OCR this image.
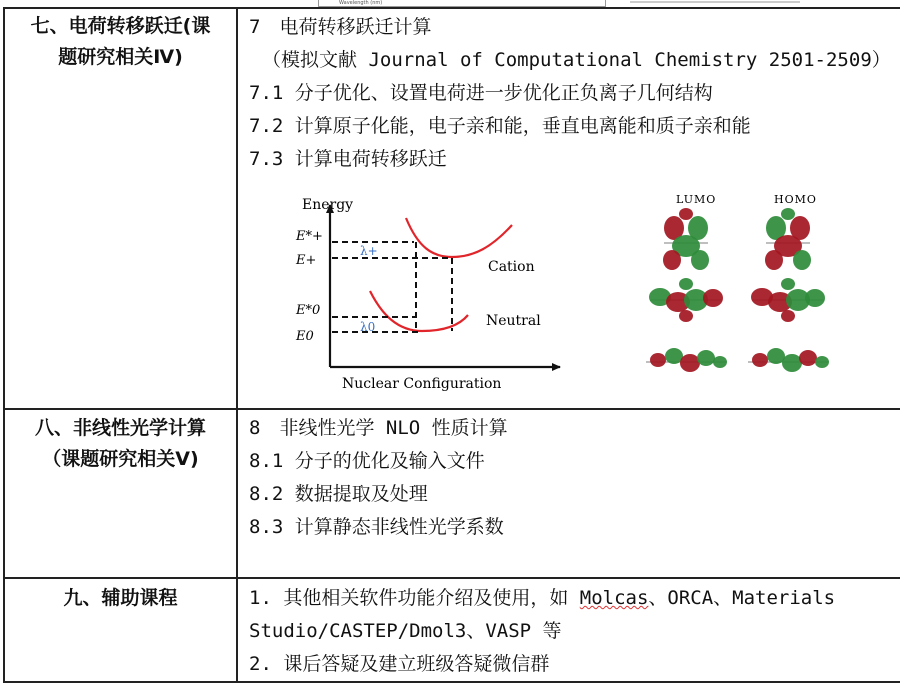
Wavelength (nm)
七、电荷转移跃迁(课
题研究相关Ⅳ)
7　电荷转移跃迁计算
（模拟文献 Journal of Computational Chemistry 2501-2509）
7.1 分子优化、设置电荷进一步优化正负离子几何结构
7.2 计算原子化能，电子亲和能，垂直电离能和质子亲和能
7.3 计算电荷转移跃迁
Energy
Nuclear Configuration
E*+
E+
E*0
E0
λ+
λ0
Cation
Neutral
LUMO	HOMO
八、非线性光学计算
（课题研究相关Ⅴ)
8　非线性光学 NLO 性质计算
8.1 分子的优化及输入文件
8.2 数据提取及处理
8.3 计算静态非线性光学系数
九、辅助课程	1. 其他相关软件功能介绍及使用，如 Molcas、ORCA、Materials
Studio/CASTEP/Dmol3、VASP 等
2. 课后答疑及建立班级答疑微信群
